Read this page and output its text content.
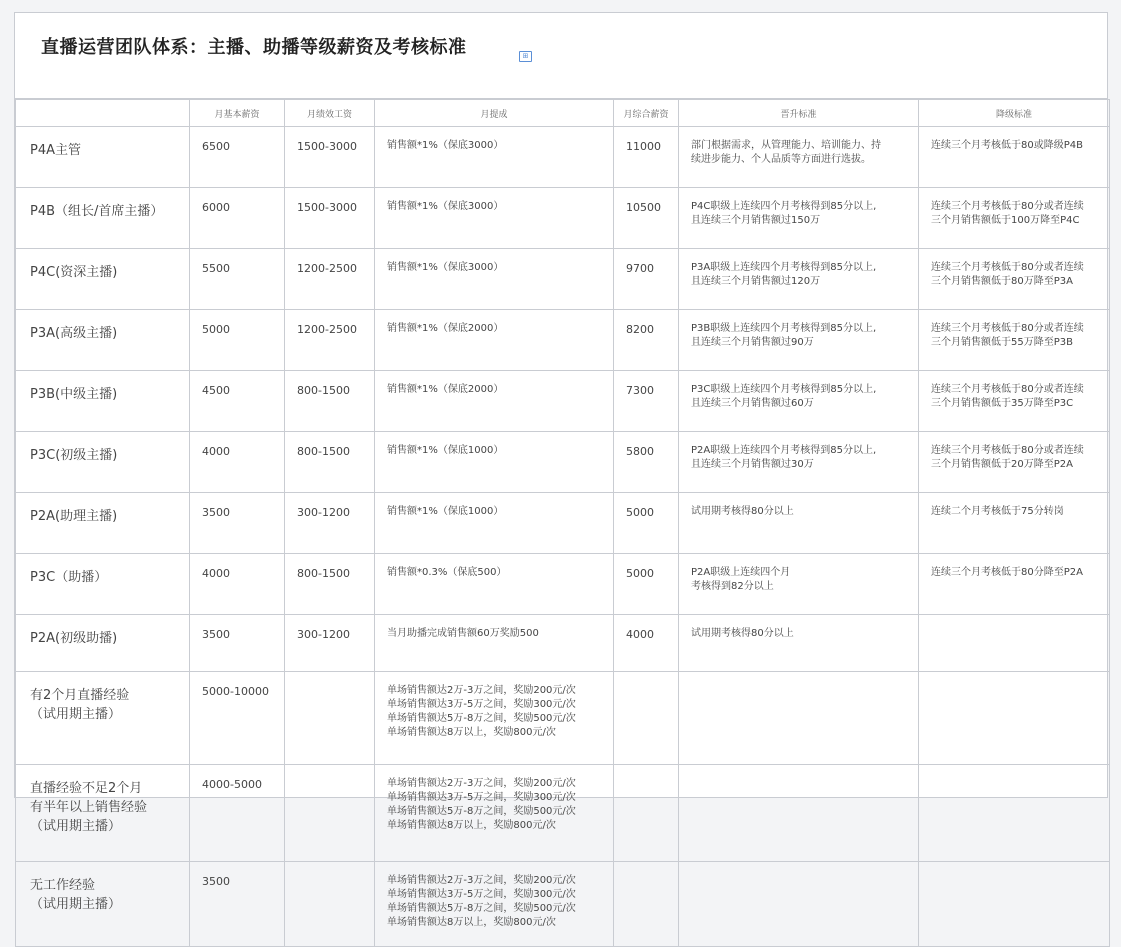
直播运营团队体系：主播、助播等级薪资及考核标准	⊞
	月基本薪资	月绩效工资	月提成	月综合薪资	晋升标准	降级标准
P4A主管	6500	1500-3000	销售额*1%（保底3000）	11000	部门根据需求，从管理能力、培训能力、持
续进步能力、个人品质等方面进行选拔。	连续三个月考核低于80或降级P4B
P4B（组长/首席主播）	6000	1500-3000	销售额*1%（保底3000）	10500	P4C职级上连续四个月考核得到85分以上,
且连续三个月销售额过150万	连续三个月考核低于80分或者连续
三个月销售额低于100万降至P4C
P4C(资深主播)	5500	1200-2500	销售额*1%（保底3000）	9700	P3A职级上连续四个月考核得到85分以上,
且连续三个月销售额过120万	连续三个月考核低于80分或者连续
三个月销售额低于80万降至P3A
P3A(高级主播)	5000	1200-2500	销售额*1%（保底2000）	8200	P3B职级上连续四个月考核得到85分以上,
且连续三个月销售额过90万	连续三个月考核低于80分或者连续
三个月销售额低于55万降至P3B
P3B(中级主播)	4500	800-1500	销售额*1%（保底2000）	7300	P3C职级上连续四个月考核得到85分以上,
且连续三个月销售额过60万	连续三个月考核低于80分或者连续
三个月销售额低于35万降至P3C
P3C(初级主播)	4000	800-1500	销售额*1%（保底1000）	5800	P2A职级上连续四个月考核得到85分以上,
且连续三个月销售额过30万	连续三个月考核低于80分或者连续
三个月销售额低于20万降至P2A
P2A(助理主播)	3500	300-1200	销售额*1%（保底1000）	5000	试用期考核得80分以上	连续二个月考核低于75分转岗
P3C（助播）	4000	800-1500	销售额*0.3%（保底500）	5000	P2A职级上连续四个月
考核得到82分以上	连续三个月考核低于80分降至P2A
P2A(初级助播)	3500	300-1200	当月助播完成销售额60万奖励500	4000	试用期考核得80分以上	
有2个月直播经验
（试用期主播）	5000-10000		单场销售额达2万-3万之间，奖励200元/次
单场销售额达3万-5万之间，奖励300元/次
单场销售额达5万-8万之间，奖励500元/次
单场销售额达8万以上，奖励800元/次			
直播经验不足2个月
有半年以上销售经验
（试用期主播）	4000-5000		单场销售额达2万-3万之间，奖励200元/次
单场销售额达3万-5万之间，奖励300元/次
单场销售额达5万-8万之间，奖励500元/次
单场销售额达8万以上，奖励800元/次			
无工作经验
（试用期主播）	3500		单场销售额达2万-3万之间，奖励200元/次
单场销售额达3万-5万之间，奖励300元/次
单场销售额达5万-8万之间，奖励500元/次
单场销售额达8万以上，奖励800元/次			
